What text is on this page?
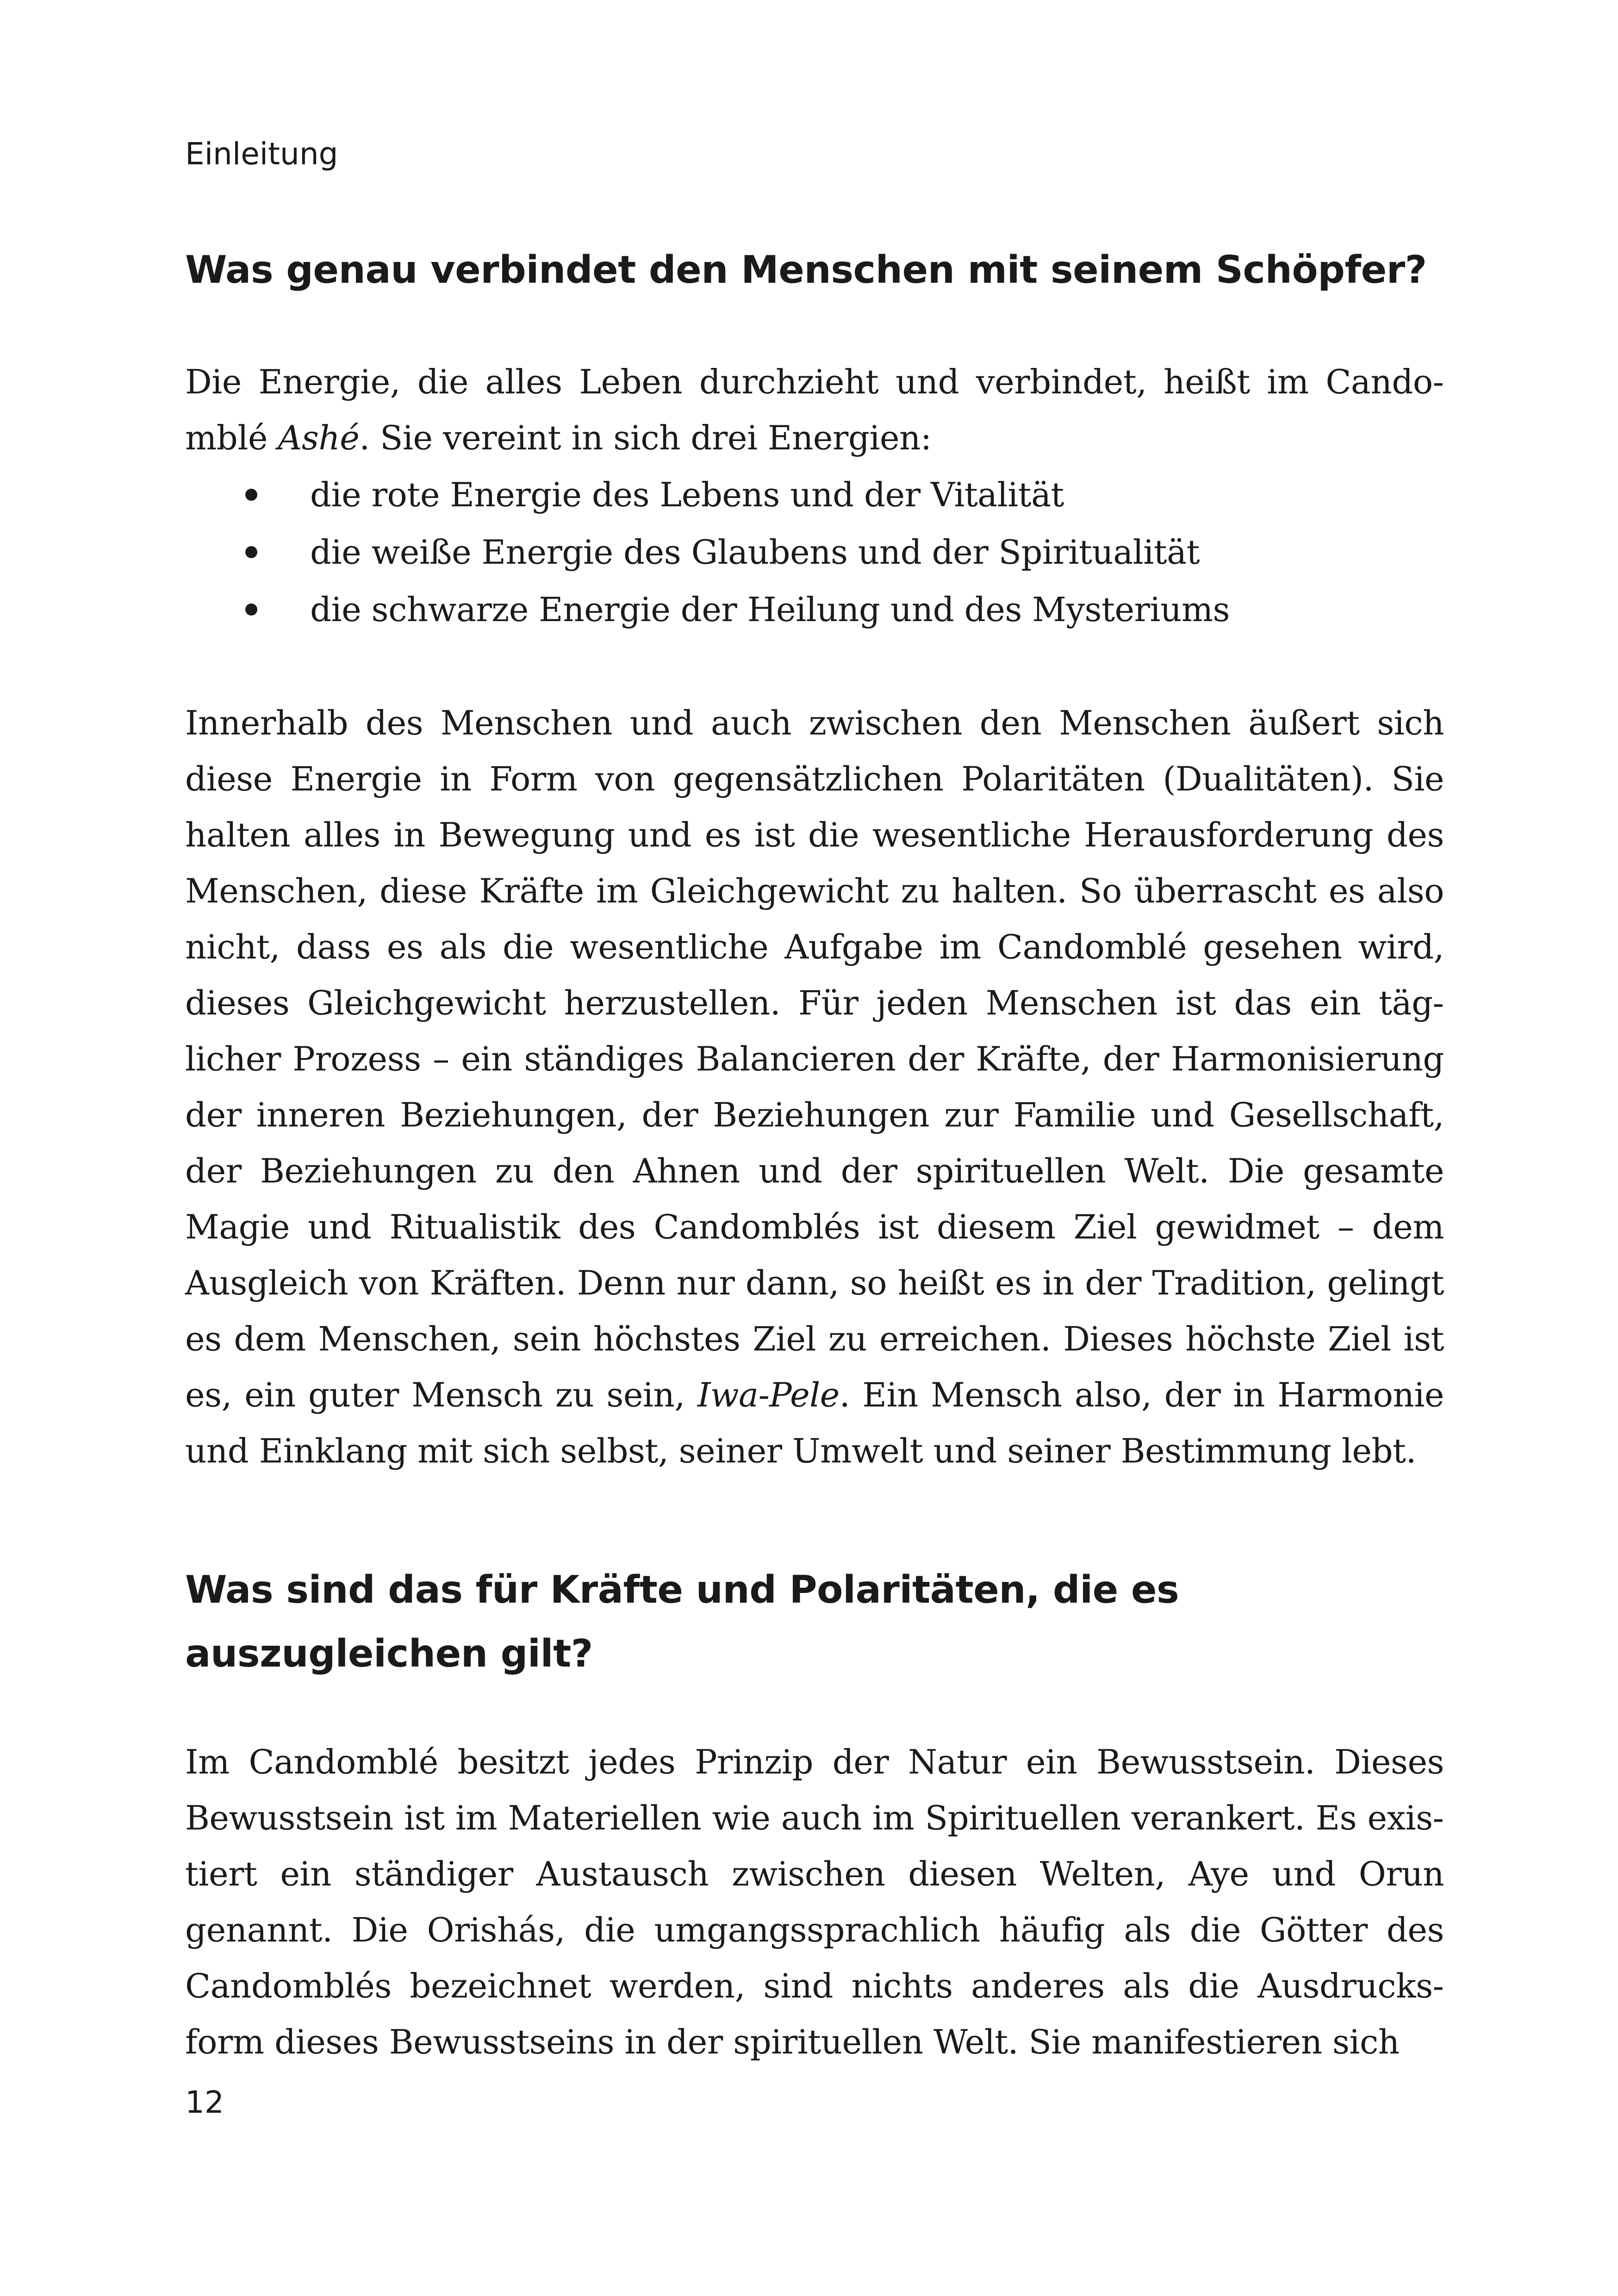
Einleitung

Was genau verbindet den Menschen mit seinem Schöpfer?

Die Energie, die alles Leben durchzieht und verbindet, heißt im Candomblé Ashé. Sie vereint in sich drei Energien:

die rote Energie des Lebens und der Vitalität
die weiße Energie des Glaubens und der Spiritualität
die schwarze Energie der Heilung und des Mysteriums

Innerhalb des Menschen und auch zwischen den Menschen äußert sich diese Energie in Form von gegensätzlichen Polaritäten (Dualitäten). Sie halten alles in Bewegung und es ist die wesentliche Herausforderung des Menschen, diese Kräfte im Gleichgewicht zu halten. So überrascht es also nicht, dass es als die wesentliche Aufgabe im Candomblé gesehen wird, dieses Gleichgewicht herzustellen. Für jeden Menschen ist das ein täglicher Prozess – ein ständiges Balancieren der Kräfte, der Harmonisierung der inneren Beziehungen, der Beziehungen zur Familie und Gesellschaft, der Beziehungen zu den Ahnen und der spirituellen Welt. Die gesamte Magie und Ritualistik des Candomblés ist diesem Ziel gewidmet – dem Ausgleich von Kräften. Denn nur dann, so heißt es in der Tradition, gelingt es dem Menschen, sein höchstes Ziel zu erreichen. Dieses höchste Ziel ist es, ein guter Mensch zu sein, Iwa-Pele. Ein Mensch also, der in Harmonie und Einklang mit sich selbst, seiner Umwelt und seiner Bestimmung lebt.

Was sind das für Kräfte und Polaritäten, die es auszugleichen gilt?

Im Candomblé besitzt jedes Prinzip der Natur ein Bewusstsein. Dieses Bewusstsein ist im Materiellen wie auch im Spirituellen verankert. Es existiert ein ständiger Austausch zwischen diesen Welten, Aye und Orun genannt. Die Orishás, die umgangssprachlich häufig als die Götter des Candomblés bezeichnet werden, sind nichts anderes als die Ausdrucksform dieses Bewusstseins in der spirituellen Welt. Sie manifestieren sich

12
